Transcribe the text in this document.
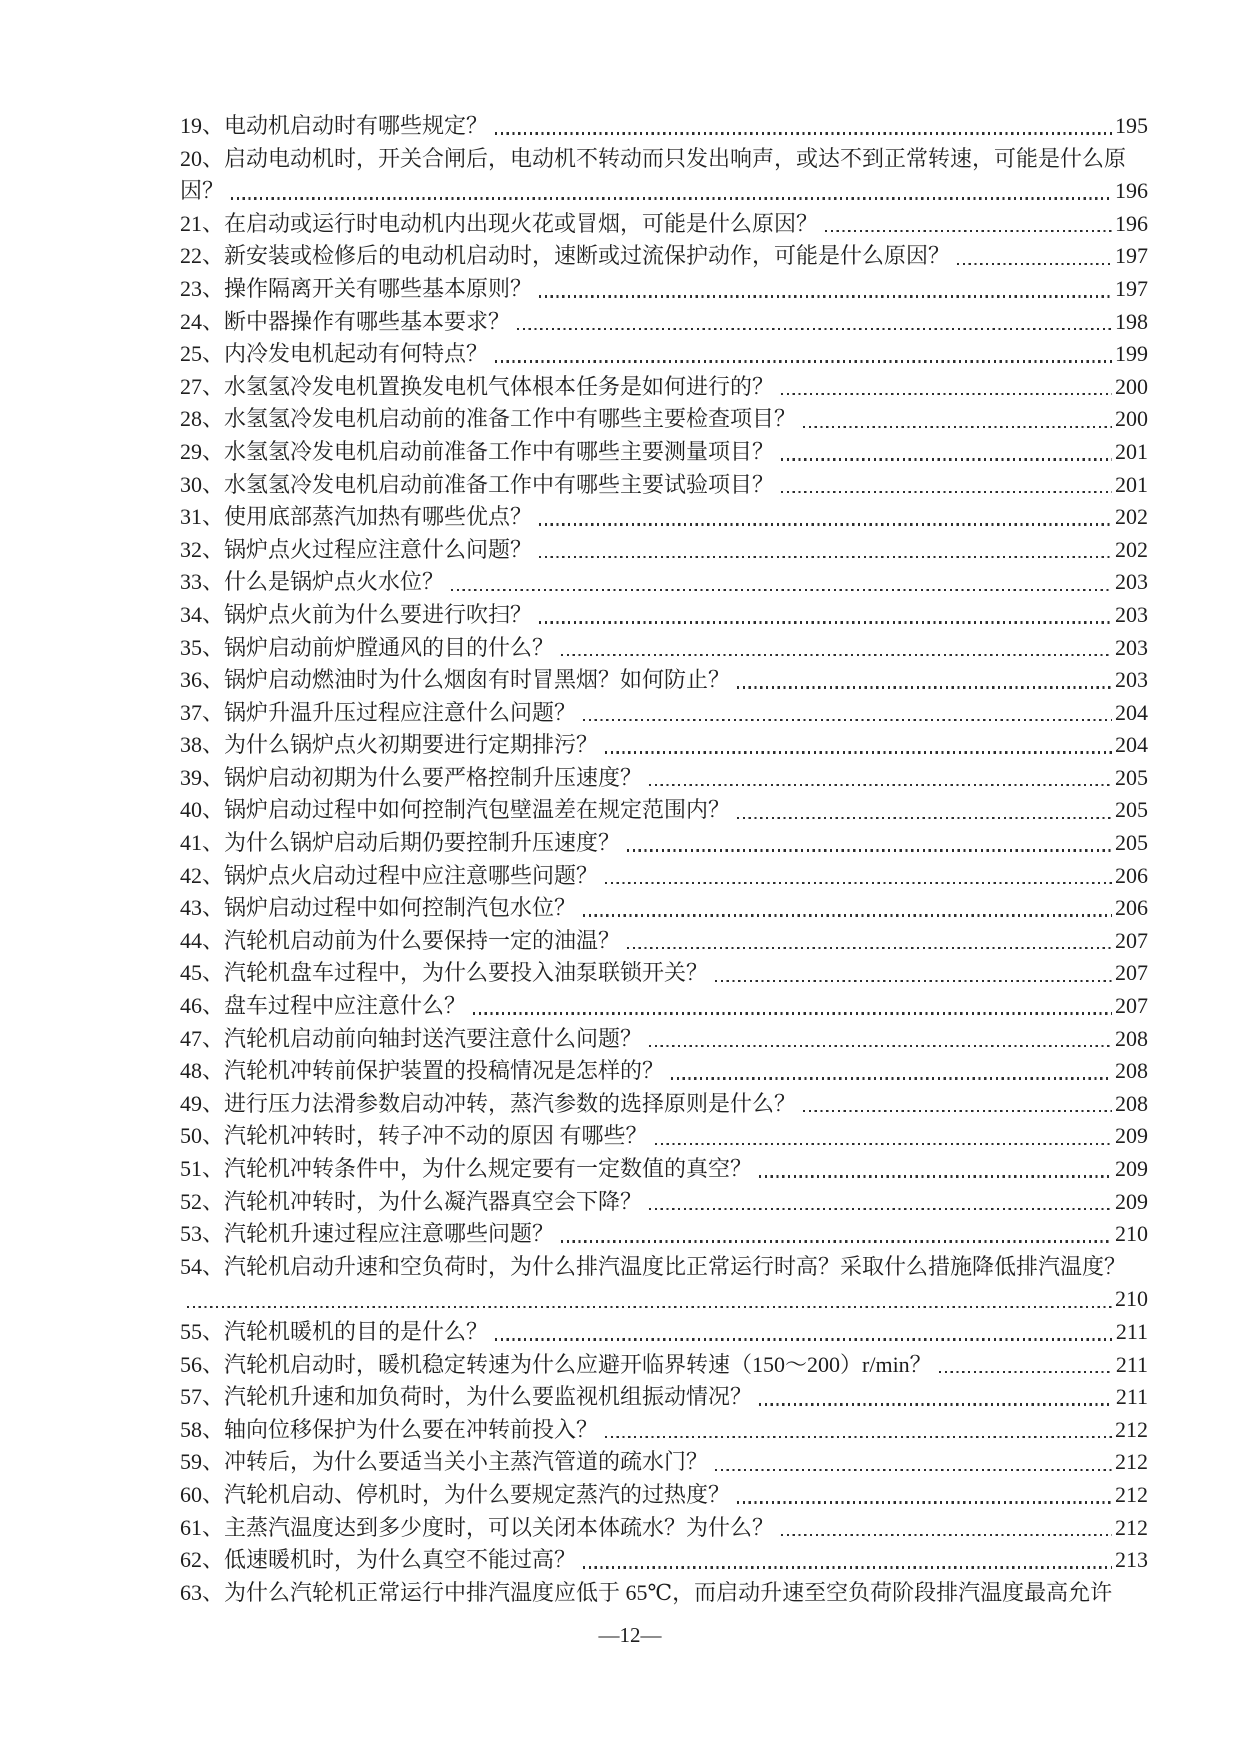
19、 电动机启动时有哪些规定？	195
20、 启动电动机时，开关合闸后，电动机不转动而只发出响声，或达不到正常转速，可能是什么原
因？	196
21、 在启动或运行时电动机内出现火花或冒烟，可能是什么原因？	196
22、 新安装或检修后的电动机启动时，速断或过流保护动作，可能是什么原因？	197
23、 操作隔离开关有哪些基本原则？	197
24、 断中器操作有哪些基本要求？	198
25、 内冷发电机起动有何特点？	199
27、 水氢氢冷发电机置换发电机气体根本任务是如何进行的？	200
28、 水氢氢冷发电机启动前的准备工作中有哪些主要检查项目？	200
29、 水氢氢冷发电机启动前准备工作中有哪些主要测量项目？	201
30、 水氢氢冷发电机启动前准备工作中有哪些主要试验项目？	201
31、 使用底部蒸汽加热有哪些优点？	202
32、 锅炉点火过程应注意什么问题？	202
33、 什么是锅炉点火水位？	203
34、 锅炉点火前为什么要进行吹扫？	203
35、 锅炉启动前炉膛通风的目的什么？	203
36、 锅炉启动燃油时为什么烟囱有时冒黑烟？如何防止？	203
37、 锅炉升温升压过程应注意什么问题？	204
38、 为什么锅炉点火初期要进行定期排污？	204
39、 锅炉启动初期为什么要严格控制升压速度？	205
40、 锅炉启动过程中如何控制汽包壁温差在规定范围内？	205
41、 为什么锅炉启动后期仍要控制升压速度？	205
42、 锅炉点火启动过程中应注意哪些问题？	206
43、 锅炉启动过程中如何控制汽包水位？	206
44、 汽轮机启动前为什么要保持一定的油温？	207
45、 汽轮机盘车过程中，为什么要投入油泵联锁开关？	207
46、 盘车过程中应注意什么？	207
47、 汽轮机启动前向轴封送汽要注意什么问题？	208
48、 汽轮机冲转前保护装置的投稿情况是怎样的？	208
49、 进行压力法滑参数启动冲转，蒸汽参数的选择原则是什么？	208
50、 汽轮机冲转时，转子冲不动的原因 有哪些？	209
51、 汽轮机冲转条件中，为什么规定要有一定数值的真空？	209
52、 汽轮机冲转时，为什么凝汽器真空会下降？	209
53、 汽轮机升速过程应注意哪些问题？	210
54、 汽轮机启动升速和空负荷时，为什么排汽温度比正常运行时高？采取什么措施降低排汽温度？
210
55、 汽轮机暖机的目的是什么？	211
56、 汽轮机启动时，暖机稳定转速为什么应避开临界转速（150～200）r/min？	211
57、 汽轮机升速和加负荷时，为什么要监视机组振动情况？	211
58、 轴向位移保护为什么要在冲转前投入？	212
59、 冲转后，为什么要适当关小主蒸汽管道的疏水门？	212
60、 汽轮机启动、停机时，为什么要规定蒸汽的过热度？	212
61、 主蒸汽温度达到多少度时，可以关闭本体疏水？为什么？	212
62、 低速暖机时，为什么真空不能过高？	213
63、 为什么汽轮机正常运行中排汽温度应低于 65℃，而启动升速至空负荷阶段排汽温度最高允许
—12—
